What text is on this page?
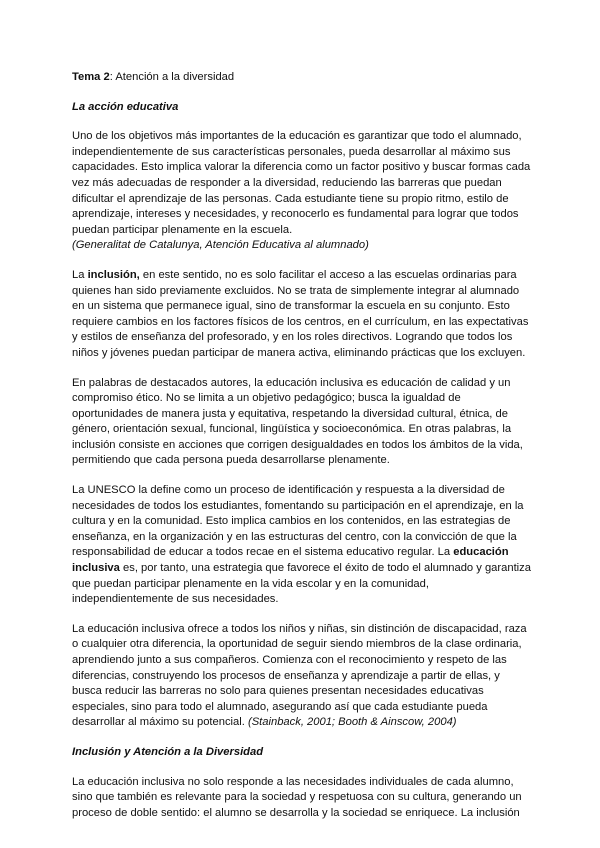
Tema 2: Atención a la diversidad

La acción educativa

Uno de los objetivos más importantes de la educación es garantizar que todo el alumnado, independientemente de sus características personales, pueda desarrollar al máximo sus capacidades. Esto implica valorar la diferencia como un factor positivo y buscar formas cada vez más adecuadas de responder a la diversidad, reduciendo las barreras que puedan dificultar el aprendizaje de las personas. Cada estudiante tiene su propio ritmo, estilo de aprendizaje, intereses y necesidades, y reconocerlo es fundamental para lograr que todos puedan participar plenamente en la escuela.
(Generalitat de Catalunya, Atención Educativa al alumnado)

La inclusión, en este sentido, no es solo facilitar el acceso a las escuelas ordinarias para quienes han sido previamente excluidos. No se trata de simplemente integrar al alumnado en un sistema que permanece igual, sino de transformar la escuela en su conjunto. Esto requiere cambios en los factores físicos de los centros, en el currículum, en las expectativas y estilos de enseñanza del profesorado, y en los roles directivos. Logrando que todos los niños y jóvenes puedan participar de manera activa, eliminando prácticas que los excluyen.

En palabras de destacados autores, la educación inclusiva es educación de calidad y un compromiso ético. No se limita a un objetivo pedagógico; busca la igualdad de oportunidades de manera justa y equitativa, respetando la diversidad cultural, étnica, de género, orientación sexual, funcional, lingüística y socioeconómica. En otras palabras, la inclusión consiste en acciones que corrigen desigualdades en todos los ámbitos de la vida, permitiendo que cada persona pueda desarrollarse plenamente.

La UNESCO la define como un proceso de identificación y respuesta a la diversidad de necesidades de todos los estudiantes, fomentando su participación en el aprendizaje, en la cultura y en la comunidad. Esto implica cambios en los contenidos, en las estrategias de enseñanza, en la organización y en las estructuras del centro, con la convicción de que la responsabilidad de educar a todos recae en el sistema educativo regular. La educación inclusiva es, por tanto, una estrategia que favorece el éxito de todo el alumnado y garantiza que puedan participar plenamente en la vida escolar y en la comunidad, independientemente de sus necesidades.

La educación inclusiva ofrece a todos los niños y niñas, sin distinción de discapacidad, raza o cualquier otra diferencia, la oportunidad de seguir siendo miembros de la clase ordinaria, aprendiendo junto a sus compañeros. Comienza con el reconocimiento y respeto de las diferencias, construyendo los procesos de enseñanza y aprendizaje a partir de ellas, y busca reducir las barreras no solo para quienes presentan necesidades educativas especiales, sino para todo el alumnado, asegurando así que cada estudiante pueda desarrollar al máximo su potencial. (Stainback, 2001; Booth & Ainscow, 2004)

Inclusión y Atención a la Diversidad

La educación inclusiva no solo responde a las necesidades individuales de cada alumno, sino que también es relevante para la sociedad y respetuosa con su cultura, generando un proceso de doble sentido: el alumno se desarrolla y la sociedad se enriquece. La inclusión
